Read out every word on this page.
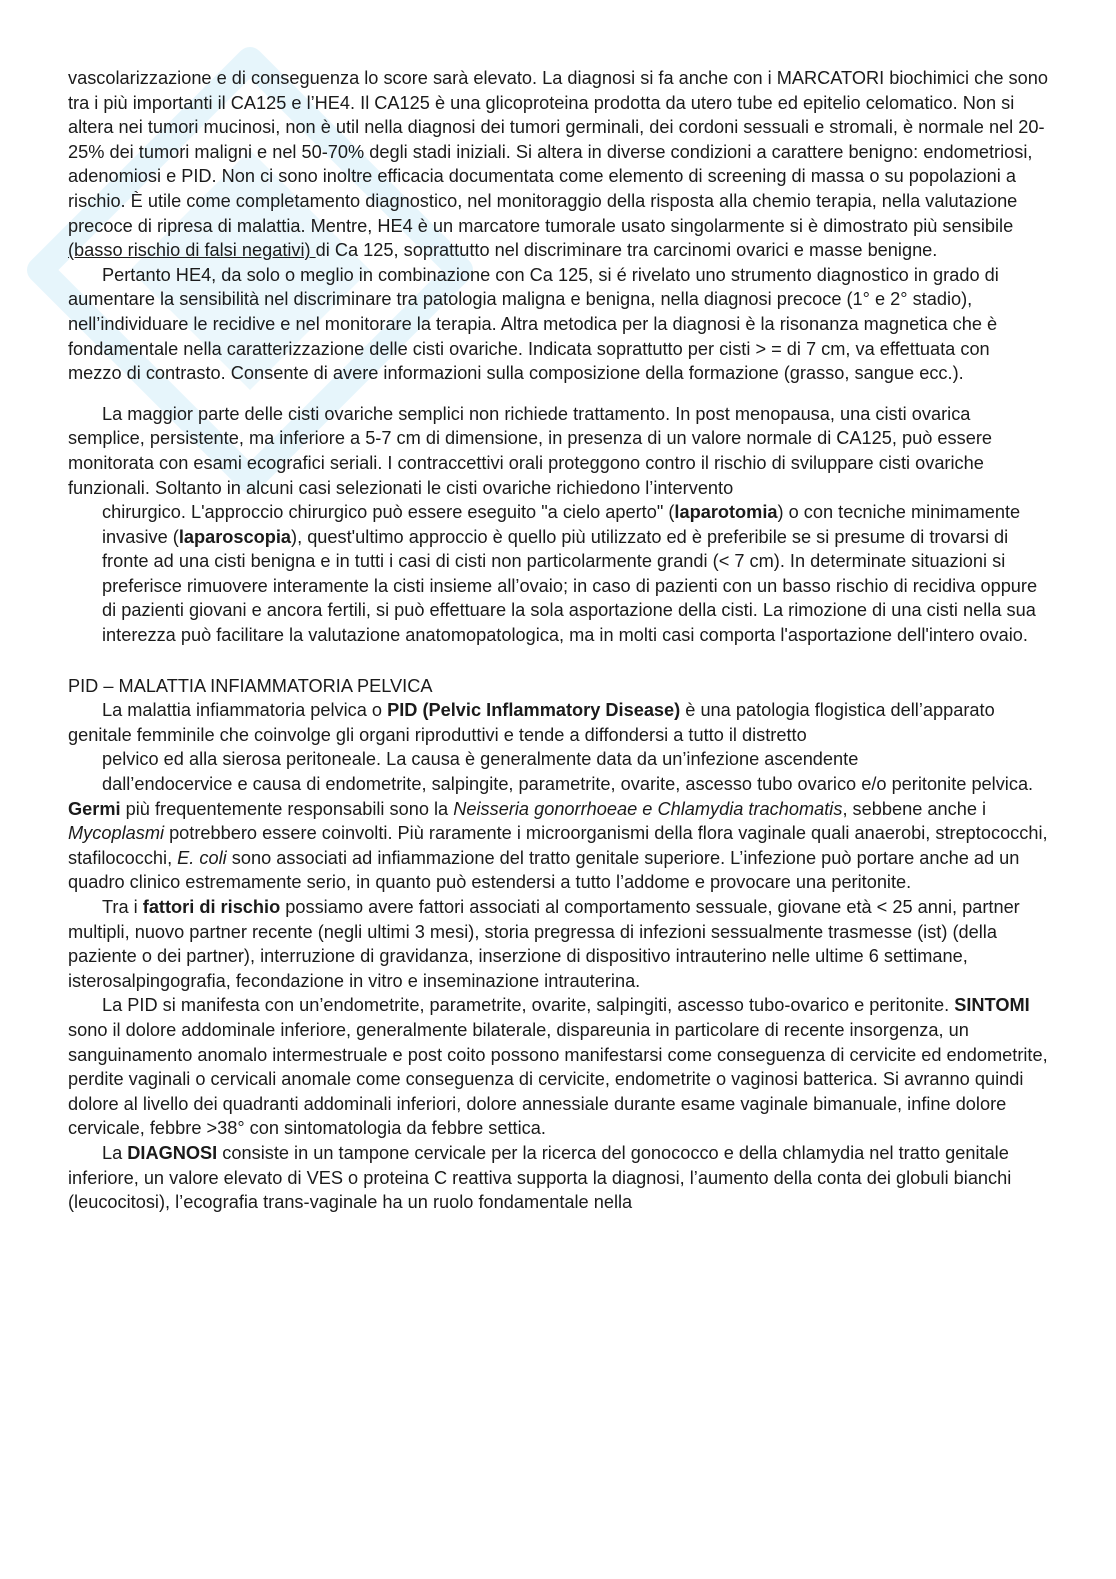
vascolarizzazione e di conseguenza lo score sarà elevato. La diagnosi si fa anche con i MARCATORI biochimici che sono tra i più importanti il CA125 e l’HE4. Il CA125 è una glicoproteina prodotta da utero tube ed epitelio celomatico. Non si altera nei tumori mucinosi, non è util nella diagnosi dei tumori germinali, dei cordoni sessuali e stromali, è normale nel 20-25% dei tumori maligni e nel 50-70% degli stadi iniziali. Si altera in diverse condizioni a carattere benigno: endometriosi, adenomiosi e PID. Non ci sono inoltre efficacia documentata come elemento di screening di massa o su popolazioni a rischio. È utile come completamento diagnostico, nel monitoraggio della risposta alla chemio terapia, nella valutazione precoce di ripresa di malattia. Mentre, HE4 è un marcatore tumorale usato singolarmente si è dimostrato più sensibile (basso rischio di falsi negativi) di Ca 125, soprattutto nel discriminare tra carcinomi ovarici e masse benigne.

Pertanto HE4, da solo o meglio in combinazione con Ca 125, si é rivelato uno strumento diagnostico in grado di aumentare la sensibilità nel discriminare tra patologia maligna e benigna, nella diagnosi precoce (1° e 2° stadio), nell’individuare le recidive e nel monitorare la terapia. Altra metodica per la diagnosi è la risonanza magnetica che è fondamentale nella caratterizzazione delle cisti ovariche. Indicata soprattutto per cisti > = di 7 cm, va effettuata con mezzo di contrasto. Consente di avere informazioni sulla composizione della formazione (grasso, sangue ecc.).

La maggior parte delle cisti ovariche semplici non richiede trattamento. In post menopausa, una cisti ovarica semplice, persistente, ma inferiore a 5-7 cm di dimensione, in presenza di un valore normale di CA125, può essere monitorata con esami ecografici seriali. I contraccettivi orali proteggono contro il rischio di sviluppare cisti ovariche funzionali. Soltanto in alcuni casi selezionati le cisti ovariche richiedono l’intervento

chirurgico. L'approccio chirurgico può essere eseguito "a cielo aperto" (laparotomia) o con tecniche minimamente invasive (laparoscopia), quest'ultimo approccio è quello più utilizzato ed è preferibile se si presume di trovarsi di fronte ad una cisti benigna e in tutti i casi di cisti non particolarmente grandi (< 7 cm). In determinate situazioni si preferisce rimuovere interamente la cisti insieme all’ovaio; in caso di pazienti con un basso rischio di recidiva oppure di pazienti giovani e ancora fertili, si può effettuare la sola asportazione della cisti. La rimozione di una cisti nella sua interezza può facilitare la valutazione anatomopatologica, ma in molti casi comporta l'asportazione dell'intero ovaio.

PID – MALATTIA INFIAMMATORIA PELVICA

La malattia infiammatoria pelvica o PID (Pelvic Inflammatory Disease) è una patologia flogistica dell’apparato genitale femminile che coinvolge gli organi riproduttivi e tende a diffondersi a tutto il distretto

pelvico ed alla sierosa peritoneale. La causa è generalmente data da un’infezione ascendente

dall’endocervice e causa di endometrite, salpingite, parametrite, ovarite, ascesso tubo ovarico e/o peritonite pelvica. Germi più frequentemente responsabili sono la Neisseria gonorrhoeae e Chlamydia trachomatis, sebbene anche i Mycoplasmi potrebbero essere coinvolti. Più raramente i microorganismi della flora vaginale quali anaerobi, streptococchi, stafilococchi, E. coli sono associati ad infiammazione del tratto genitale superiore. L’infezione può portare anche ad un quadro clinico estremamente serio, in quanto può estendersi a tutto l’addome e provocare una peritonite.

Tra i fattori di rischio possiamo avere fattori associati al comportamento sessuale, giovane età < 25 anni, partner multipli, nuovo partner recente (negli ultimi 3 mesi), storia pregressa di infezioni sessualmente trasmesse (ist) (della paziente o dei partner), interruzione di gravidanza, inserzione di dispositivo intrauterino nelle ultime 6 settimane, isterosalpingografia, fecondazione in vitro e inseminazione intrauterina.

La PID si manifesta con un’endometrite, parametrite, ovarite, salpingiti, ascesso tubo-ovarico e peritonite. SINTOMI sono il dolore addominale inferiore, generalmente bilaterale, dispareunia in particolare di recente insorgenza, un sanguinamento anomalo intermestruale e post coito possono manifestarsi come conseguenza di cervicite ed endometrite, perdite vaginali o cervicali anomale come conseguenza di cervicite, endometrite o vaginosi batterica. Si avranno quindi dolore al livello dei quadranti addominali inferiori, dolore annessiale durante esame vaginale bimanuale, infine dolore cervicale, febbre >38° con sintomatologia da febbre settica.

La DIAGNOSI consiste in un tampone cervicale per la ricerca del gonococco e della chlamydia nel tratto genitale inferiore, un valore elevato di VES o proteina C reattiva supporta la diagnosi, l’aumento della conta dei globuli bianchi (leucocitosi), l’ecografia trans-vaginale ha un ruolo fondamentale nella
